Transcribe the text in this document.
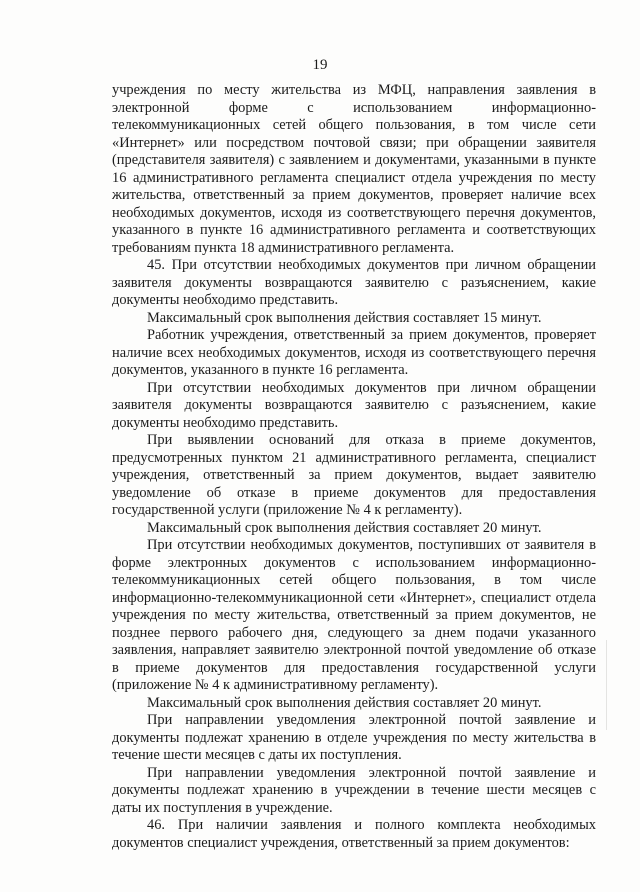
19
учреждения по месту жительства из МФЦ, направления заявления в
электронной форме с использованием информационно-
телекоммуникационных сетей общего пользования, в том числе сети
«Интернет» или посредством почтовой связи; при обращении заявителя
(представителя заявителя) с заявлением и документами, указанными в пункте
16 административного регламента специалист отдела учреждения по месту
жительства, ответственный за прием документов, проверяет наличие всех
необходимых документов, исходя из соответствующего перечня документов,
указанного в пункте 16 административного регламента и соответствующих
требованиям пункта 18 административного регламента.
45. При отсутствии необходимых документов при личном обращении
заявителя документы возвращаются заявителю с разъяснением, какие
документы необходимо представить.
Максимальный срок выполнения действия составляет 15 минут.
Работник учреждения, ответственный за прием документов, проверяет
наличие всех необходимых документов, исходя из соответствующего перечня
документов, указанного в пункте 16 регламента.
При отсутствии необходимых документов при личном обращении
заявителя документы возвращаются заявителю с разъяснением, какие
документы необходимо представить.
При выявлении оснований для отказа в приеме документов,
предусмотренных пунктом 21 административного регламента, специалист
учреждения, ответственный за прием документов, выдает заявителю
уведомление об отказе в приеме документов для предоставления
государственной услуги (приложение № 4 к регламенту).
Максимальный срок выполнения действия составляет 20 минут.
При отсутствии необходимых документов, поступивших от заявителя в
форме электронных документов с использованием информационно-
телекоммуникационных сетей общего пользования, в том числе
информационно-телекоммуникационной сети «Интернет», специалист отдела
учреждения по месту жительства, ответственный за прием документов, не
позднее первого рабочего дня, следующего за днем подачи указанного
заявления, направляет заявителю электронной почтой уведомление об отказе
в приеме документов для предоставления государственной услуги
(приложение № 4 к административному регламенту).
Максимальный срок выполнения действия составляет 20 минут.
При направлении уведомления электронной почтой заявление и
документы подлежат хранению в отделе учреждения по месту жительства в
течение шести месяцев с даты их поступления.
При направлении уведомления электронной почтой заявление и
документы подлежат хранению в учреждении в течение шести месяцев с
даты их поступления в учреждение.
46. При наличии заявления и полного комплекта необходимых
документов специалист учреждения, ответственный за прием документов:
